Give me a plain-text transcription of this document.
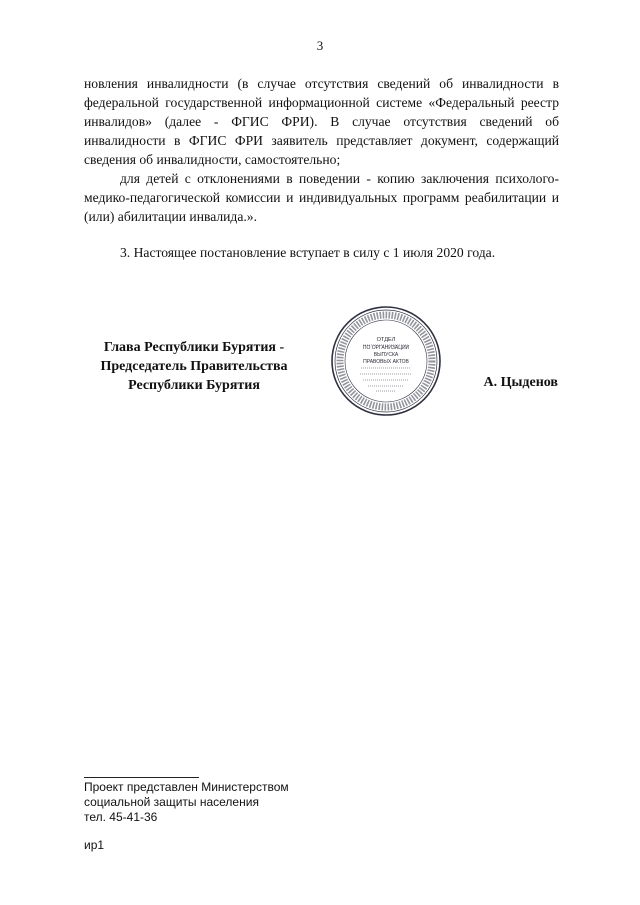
3

новления инвалидности (в случае отсутствия сведений об инвалидности в федеральной государственной информационной системе «Федеральный реестр инвалидов» (далее - ФГИС ФРИ). В случае отсутствия сведений об инвалидности в ФГИС ФРИ заявитель представляет документ, содержащий сведения об инвалидности, самостоятельно;

для детей с отклонениями в поведении - копию заключения психолого-медико-педагогической комиссии и индивидуальных программ реабилитации и (или) абилитации инвалида.».

3. Настоящее постановление вступает в силу с 1 июля 2020 года.

Глава Республики Бурятия -
Председатель Правительства
Республики Бурятия
ОТДЕЛ
ПО ОРГАНИЗАЦИИ
ВЫПУСКА
ПРАВОВЫХ АКТОВ
А. Цыденов
Проект представлен Министерством
социальной защиты населения
тел. 45-41-36
ир1
